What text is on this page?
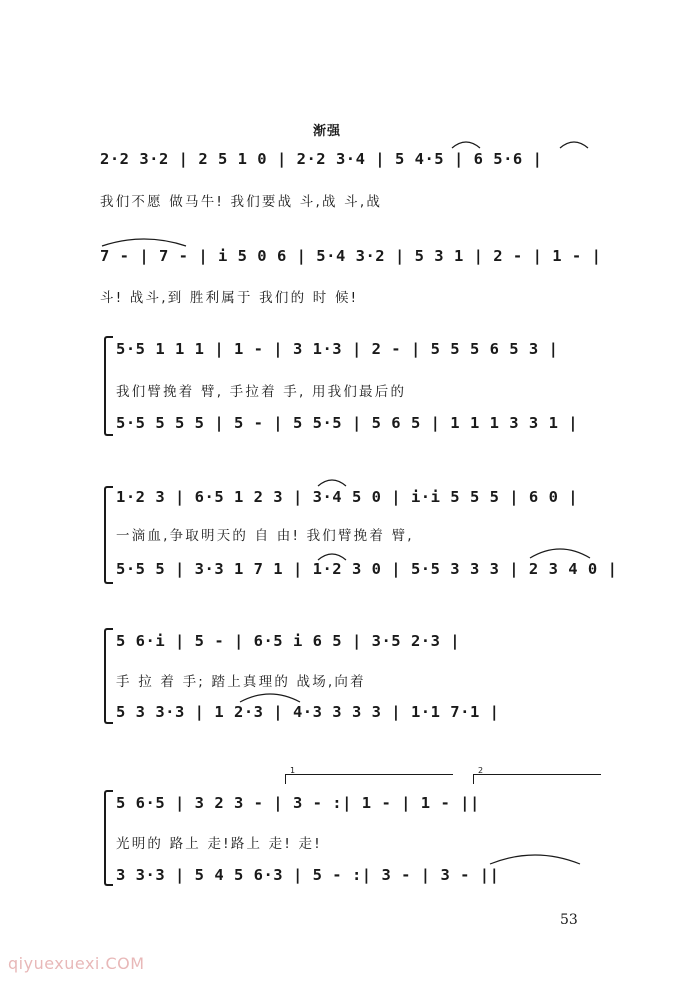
渐强
2·2 3·2 | 2 5 1 0 | 2·2 3·4 | 5 4·5 | 6 5·6 |
我们不愿 做马牛! 我们要战 斗,战 斗,战
7 - | 7 - | i 5 0 6 | 5·4 3·2 | 5 3 1 | 2 - | 1 - |
斗! 战斗,到 胜利属于 我们的 时 候!
5·5 1 1 1 | 1 - | 3 1·3 | 2 - | 5 5 5 6 5 3 |
我们臂挽着 臂, 手拉着 手, 用我们最后的
5·5 5 5 5 | 5 - | 5 5·5 | 5 6 5 | 1 1 1 3 3 1 |
1·2 3 | 6·5 1 2 3 | 3·4 5 0 | i·i 5 5 5 | 6 0 |
一滴血,争取明天的 自 由! 我们臂挽着 臂,
5·5 5 | 3·3 1 7 1 | 1·2 3 0 | 5·5 3 3 3 | 2 3 4 0 |
5 6·i | 5 - | 6·5 i 6 5 | 3·5 2·3 |
手 拉 着 手; 踏上真理的 战场,向着
5 3 3·3 | 1 2·3 | 4·3 3 3 3 | 1·1 7·1 |
1	2
5 6·5 | 3 2 3 - | 3 - :| 1 - | 1 - ||
光明的 路上 走!路上 走! 走!
3 3·3 | 5 4 5 6·3 | 5 - :| 3 - | 3 - ||
53
qiyuexuexi.COM
